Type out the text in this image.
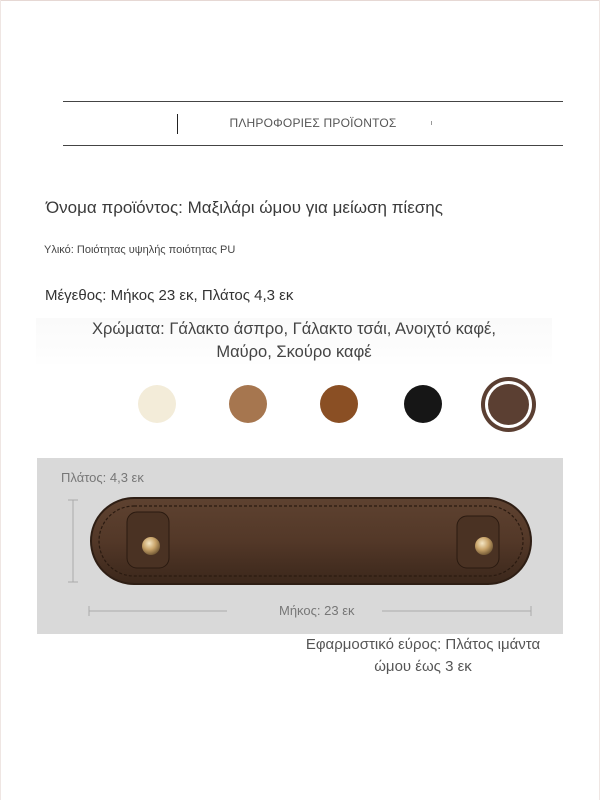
ΠΛΗΡΟΦΟΡΙΕΣ ΠΡΟΪΟΝΤΟΣ
Όνομα προϊόντος: Μαξιλάρι ώμου για μείωση πίεσης
Υλικό: Ποιότητας υψηλής ποιότητας PU
Μέγεθος: Μήκος 23 εκ, Πλάτος 4,3 εκ
Χρώματα: Γάλακτο άσπρο, Γάλακτο τσάι, Ανοιχτό καφέ,
Μαύρο, Σκούρο καφέ
Πλάτος: 4,3 εκ
Μήκος: 23 εκ
Εφαρμοστικό εύρος: Πλάτος ιμάντα
ώμου έως 3 εκ
